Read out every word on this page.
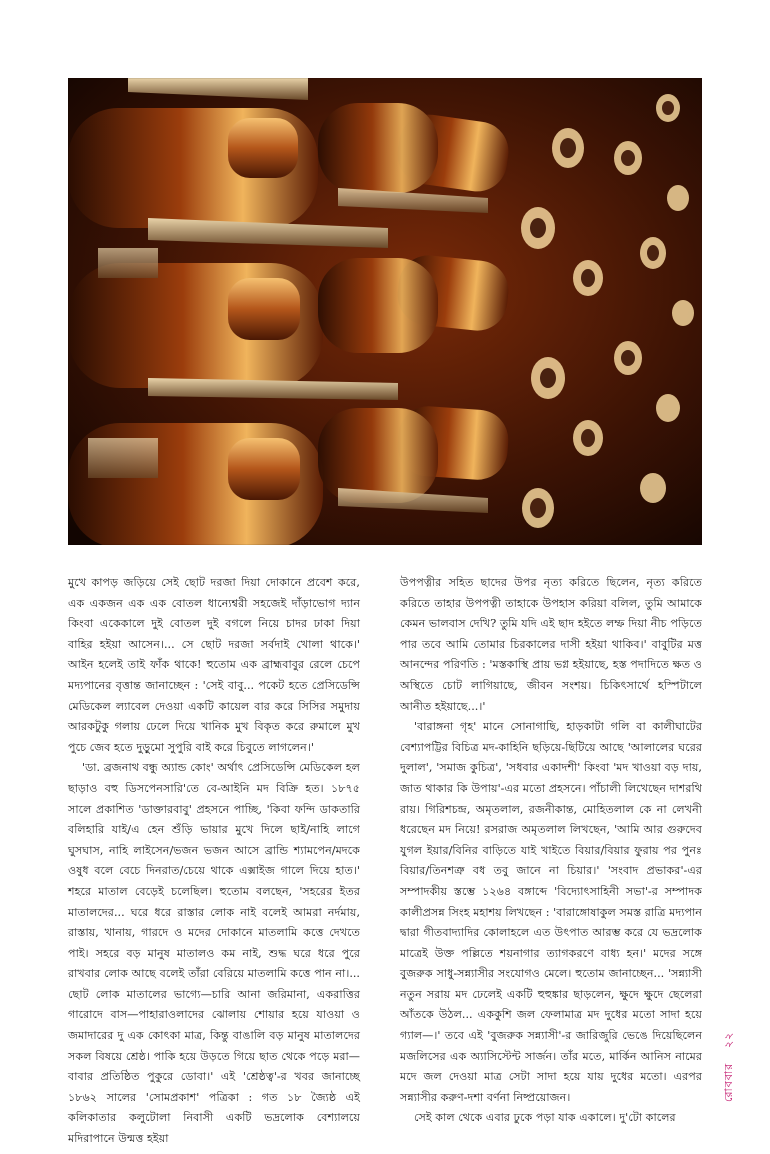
মুখে কাপড় জড়িয়ে সেই ছোট দরজা দিয়া দোকানে প্রবেশ করে, এক একজন এক এক বোতল ধান্যেশ্বরী সহজেই দাঁড়াভোগ দ্যান কিংবা একেকালে দুই বোতল দুই বগলে নিয়ে চাদর ঢাকা দিয়া বাহির হইয়া আসেন।... সে ছোট দরজা সর্বদাই খোলা থাকে।' আইন হলেই তাই ফাঁক থাকে! হুতোম এক ব্রাহ্মবাবুর রেলে চেপে মদ্যপানের বৃত্তান্ত জানাচ্ছেন : 'সেই বাবু... পকেট হতে প্রেসিডেন্সি মেডিকেল ল্যাবেল দেওয়া একটি কায়েল বার করে সিসির সমুদায় আরকটুকু গলায় ঢেলে দিয়ে খানিক মুখ বিকৃত করে রুমালে মুখ পুচে জেব হতে দুড়ুমো সুপুরি বাই করে চিবুতে লাগলেন।'

'ডা. ব্রজনাথ বন্ধু অ্যান্ড কোং' অর্থাৎ প্রেসিডেন্সি মেডিকেল হল ছাড়াও বহু ডিসপেনসারি'তে বে-আইনি মদ বিক্রি হত। ১৮৭৫ সালে প্রকাশিত 'ডাক্তারবাবু' প্রহসনে পাচ্ছি, 'কিবা ফন্দি ডাকতারি বলিহারি যাই/এ হেন শুঁড়ি ভায়ার মুখে দিলে ছাই/নাহি লাগে ঘুসঘাস, নাহি লাইসেন/ভজন ভজন আসে ব্রান্ডি শ্যামপেন/মদকে ওষুধ বলে বেচে দিনরাত/চেয়ে থাকে এক্সাইজ গালে দিয়ে হাত।' শহরে মাতাল বেড়েই চলেছিল। হুতোম বলছেন, 'সহরের ইতর মাতালদের... ঘরে ধরে রাস্তার লোক নাই বলেই আমরা নর্দমায়, রাস্তায়, খানায়, গারদে ও মদের দোকানে মাতলামি কত্তে দেখতে পাই। সহরে বড় মানুষ মাতালও কম নাই, শুদ্ধ ঘরে ধরে পুরে রাখবার লোক আছে বলেই তাঁরা বেরিয়ে মাতলামি কত্তে পান না।... ছোট লোক মাতালের ভাগ্যে—চারি আনা জরিমানা, একরাত্তির গারোদে বাস—পাহারাওলাদের ঝোলায় শোয়ার হয়ে যাওয়া ও জমাদারের দু এক কোৎকা মাত্র, কিন্তু বাঙালি বড় মানুষ মাতালদের সকল বিষয়ে শ্রেষ্ঠ। পাকি হয়ে উড়তে গিয়ে ছাত থেকে পড়ে মরা—বাবার প্রতিষ্ঠিত পুকুরে ডোবা।' এই 'শ্রেষ্ঠত্ব'-র খবর জানাচ্ছে ১৮৬২ সালের 'সোমপ্রকাশ' পত্রিকা : গত ১৮ জ্যৈষ্ঠ এই কলিকাতার কলুটোলা নিবাসী একটি ভদ্রলোক বেশ্যালয়ে মদিরাপানে উন্মত্ত হইয়া

উপপত্নীর সহিত ছাদের উপর নৃত্য করিতে ছিলেন, নৃত্য করিতে করিতে তাহার উপপত্নী তাহাকে উপহাস করিয়া বলিল, তুমি আমাকে কেমন ভালবাস দেখি? তুমি যদি এই ছাদ হইতে লম্ফ দিয়া নীচ পড়িতে পার তবে আমি তোমার চিরকালের দাসী হইয়া থাকিব।' বাবুটির মত্ত আনন্দের পরিণতি : 'মস্তকাস্থি প্রায় ভগ্ন হইয়াছে, হস্ত পদাদিতে ক্ষত ও অস্থিতে চোট লাগিয়াছে, জীবন সংশয়। চিকিৎসার্থে হস্পিটালে আনীত হইয়াছে...।'

'বারাঙ্গনা গৃহ' মানে সোনাগাছি, হাড়কাটা গলি বা কালীঘাটের বেশ্যাপট্টির বিচিত্র মদ-কাহিনি ছড়িয়ে-ছিটিয়ে আছে 'আলালের ঘরের দুলাল', 'সমাজ কুচিত্র', 'সধবার একাদশী' কিংবা 'মদ খাওয়া বড় দায়, জাত থাকার কি উপায়'-এর মতো প্রহসনে। পাঁচালী লিখেছেন দাশরথি রায়। গিরিশচন্দ্র, অমৃতলাল, রজনীকান্ত, মোহিতলাল কে না লেখনী ধরেছেন মদ নিয়ে! রসরাজ অমৃতলাল লিখছেন, 'আমি আর গুরুদেব যুগল ইয়ার/বিনির বাড়িতে যাই খাইতে বিয়ার/বিয়ার ফুরায় পর পুনঃ বিয়ার/তিনশত্রু বধ তবু জানে না চিয়ার।' 'সংবাদ প্রভাকর'-এর সম্পাদকীয় স্তম্ভে ১২৬৪ বঙ্গাব্দে 'বিদ্যোৎসাহিনী সভা'-র সম্পাদক কালীপ্রসন্ন সিংহ মহাশয় লিখছেন : 'বারাঙ্গোষাকুল সমস্ত রাত্রি মদ্যপান দ্বারা গীতবাদ্যাদির কোলাহলে এত উৎপাত আরম্ভ করে যে ভদ্রলোক মাত্রেই উক্ত পল্লিতে শয়নাগার ত্যাগকরণে বাধ্য হন।' মদের সঙ্গে বুজরুক সাধু-সন্ন্যাসীর সংযোগও মেলে। হুতোম জানাচ্ছেন... 'সন্ন্যাসী নতুন সরায় মদ ঢেলেই একটি হুহুঙ্কার ছাড়লেন, ক্ষুদে ক্ষুদে ছেলেরা আঁতকে উঠল... এককুশি জল ফেলামাত্র মদ দুধের মতো সাদা হয়ে গ্যাল—।' তবে এই 'বুজরুক সন্ন্যাসী'-র জারিজুরি ভেঙে দিয়েছিলেন মজলিসের এক অ্যাসিস্টেন্ট সার্জন। তাঁর মতে, মার্কিন আনিস নামের মদে জল দেওয়া মাত্র সেটা সাদা হয়ে যায় দুধের মতো। এরপর সন্ন্যাসীর করুণ-দশা বর্ণনা নিষ্প্রয়োজন।

সেই কাল থেকে এবার ঢুকে পড়া যাক একালে। দু'টো কালের

রোববার ২২
